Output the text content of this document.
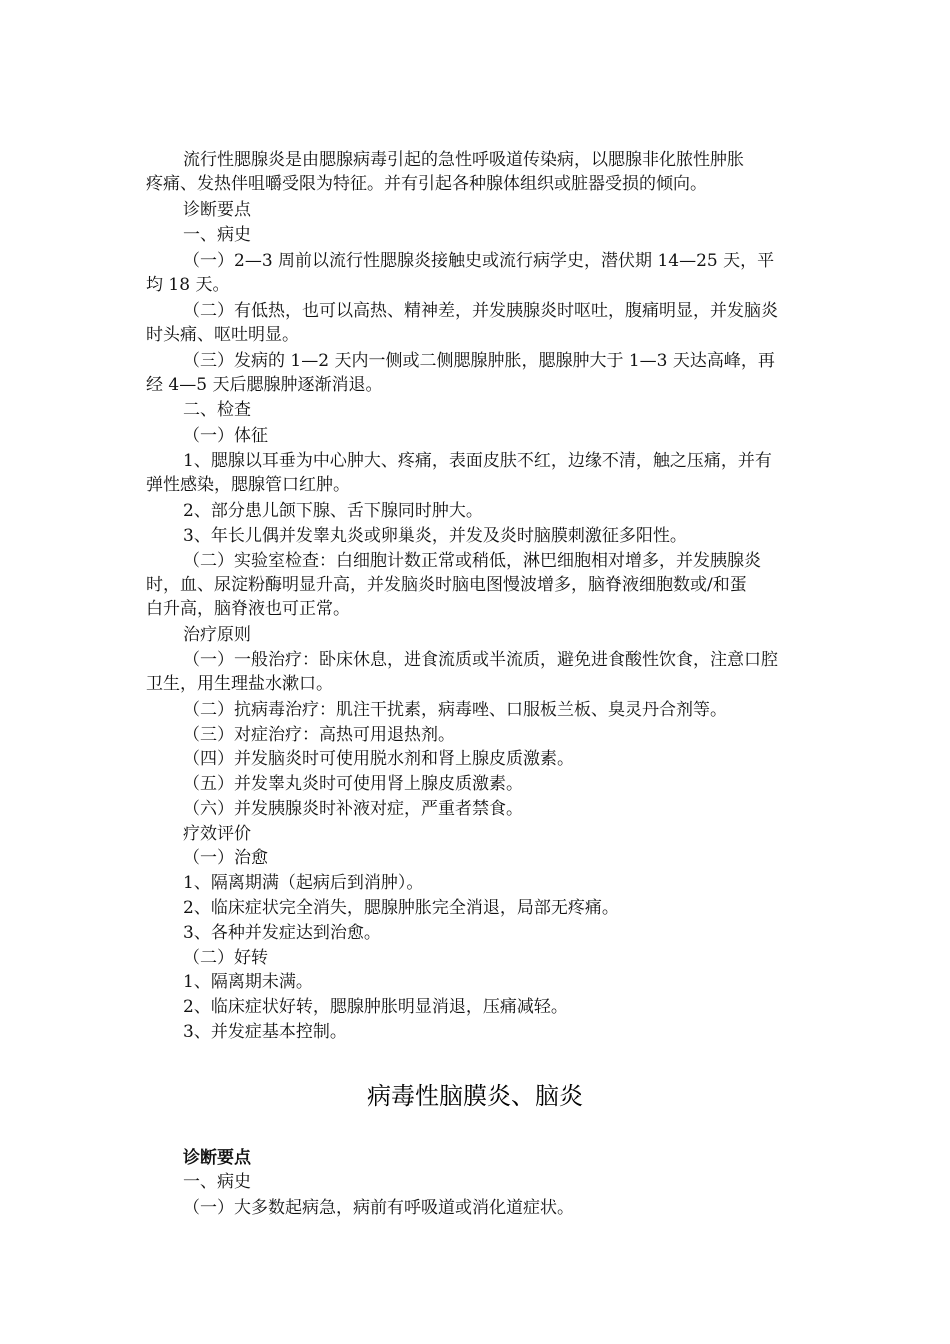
流行性腮腺炎是由腮腺病毒引起的急性呼吸道传染病，以腮腺非化脓性肿胀
疼痛、发热伴咀嚼受限为特征。并有引起各种腺体组织或脏器受损的倾向。
诊断要点
一、病史
（一）2—3 周前以流行性腮腺炎接触史或流行病学史，潜伏期 14—25 天，平
均 18 天。
（二）有低热，也可以高热、精神差，并发胰腺炎时呕吐，腹痛明显，并发脑炎
时头痛、呕吐明显。
（三）发病的 1—2 天内一侧或二侧腮腺肿胀，腮腺肿大于 1—3 天达高峰，再
经 4—5 天后腮腺肿逐渐消退。
二、检查
（一）体征
1、腮腺以耳垂为中心肿大、疼痛，表面皮肤不红，边缘不清，触之压痛，并有
弹性感染，腮腺管口红肿。
2、部分患儿颌下腺、舌下腺同时肿大。
3、年长儿偶并发睾丸炎或卵巢炎，并发及炎时脑膜刺激征多阳性。
（二）实验室检查：白细胞计数正常或稍低，淋巴细胞相对增多，并发胰腺炎
时，血、尿淀粉酶明显升高，并发脑炎时脑电图慢波增多，脑脊液细胞数或/和蛋
白升高，脑脊液也可正常。
治疗原则
（一）一般治疗：卧床休息，进食流质或半流质，避免进食酸性饮食，注意口腔
卫生，用生理盐水漱口。
（二）抗病毒治疗：肌注干扰素，病毒唑、口服板兰板、臭灵丹合剂等。
（三）对症治疗：高热可用退热剂。
（四）并发脑炎时可使用脱水剂和肾上腺皮质激素。
（五）并发睾丸炎时可使用肾上腺皮质激素。
（六）并发胰腺炎时补液对症，严重者禁食。
疗效评价
（一）治愈
1、隔离期满（起病后到消肿）。
2、临床症状完全消失，腮腺肿胀完全消退，局部无疼痛。
3、各种并发症达到治愈。
（二）好转
1、隔离期未满。
2、临床症状好转，腮腺肿胀明显消退，压痛减轻。
3、并发症基本控制。
病毒性脑膜炎、脑炎
诊断要点
一、病史
（一）大多数起病急，病前有呼吸道或消化道症状。
